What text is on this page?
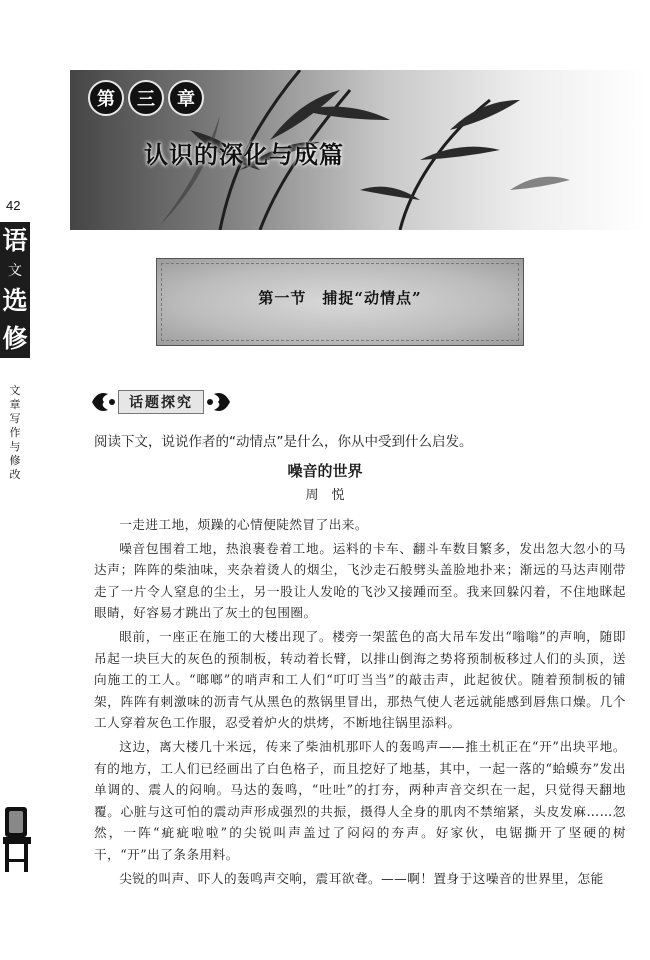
第	三	章
认识的深化与成篇
42
语
文
选
修
文
章
写
作
与
修
改
第一节　捕捉“动情点”
话题探究
阅读下文，说说作者的“动情点”是什么，你从中受到什么启发。
噪音的世界
周　悦

一走进工地，烦躁的心情便陡然冒了出来。

噪音包围着工地，热浪裹卷着工地。运料的卡车、翻斗车数目繁多，发出忽大忽小的马达声；阵阵的柴油味，夹杂着烫人的烟尘，飞沙走石般劈头盖脸地扑来；渐远的马达声刚带走了一片令人窒息的尘土，另一股让人发呛的飞沙又接踵而至。我来回躲闪着，不住地眯起眼睛，好容易才跳出了灰土的包围圈。

眼前，一座正在施工的大楼出现了。楼旁一架蓝色的高大吊车发出“嗡嗡”的声响，随即吊起一块巨大的灰色的预制板，转动着长臂，以排山倒海之势将预制板移过人们的头顶，送向施工的工人。“啷啷”的哨声和工人们“叮叮当当”的敲击声，此起彼伏。随着预制板的铺架，阵阵有刺激味的沥青气从黑色的熬锅里冒出，那热气使人老远就能感到唇焦口燥。几个工人穿着灰色工作服，忍受着炉火的烘烤，不断地往锅里添料。

这边，离大楼几十米远，传来了柴油机那吓人的轰鸣声——推土机正在“开”出块平地。有的地方，工人们已经画出了白色格子，而且挖好了地基，其中，一起一落的“蛤蟆夯”发出单调的、震人的闷响。马达的轰鸣，“吐吐”的打夯，两种声音交织在一起，只觉得天翻地覆。心脏与这可怕的震动声形成强烈的共振，摄得人全身的肌肉不禁缩紧，头皮发麻……忽然，一阵“疵疵啦啦”的尖锐叫声盖过了闷闷的夯声。好家伙，电锯撕开了坚硬的树干，“开”出了条条用料。

尖锐的叫声、吓人的轰鸣声交响，震耳欲聋。——啊！置身于这噪音的世界里，怎能
